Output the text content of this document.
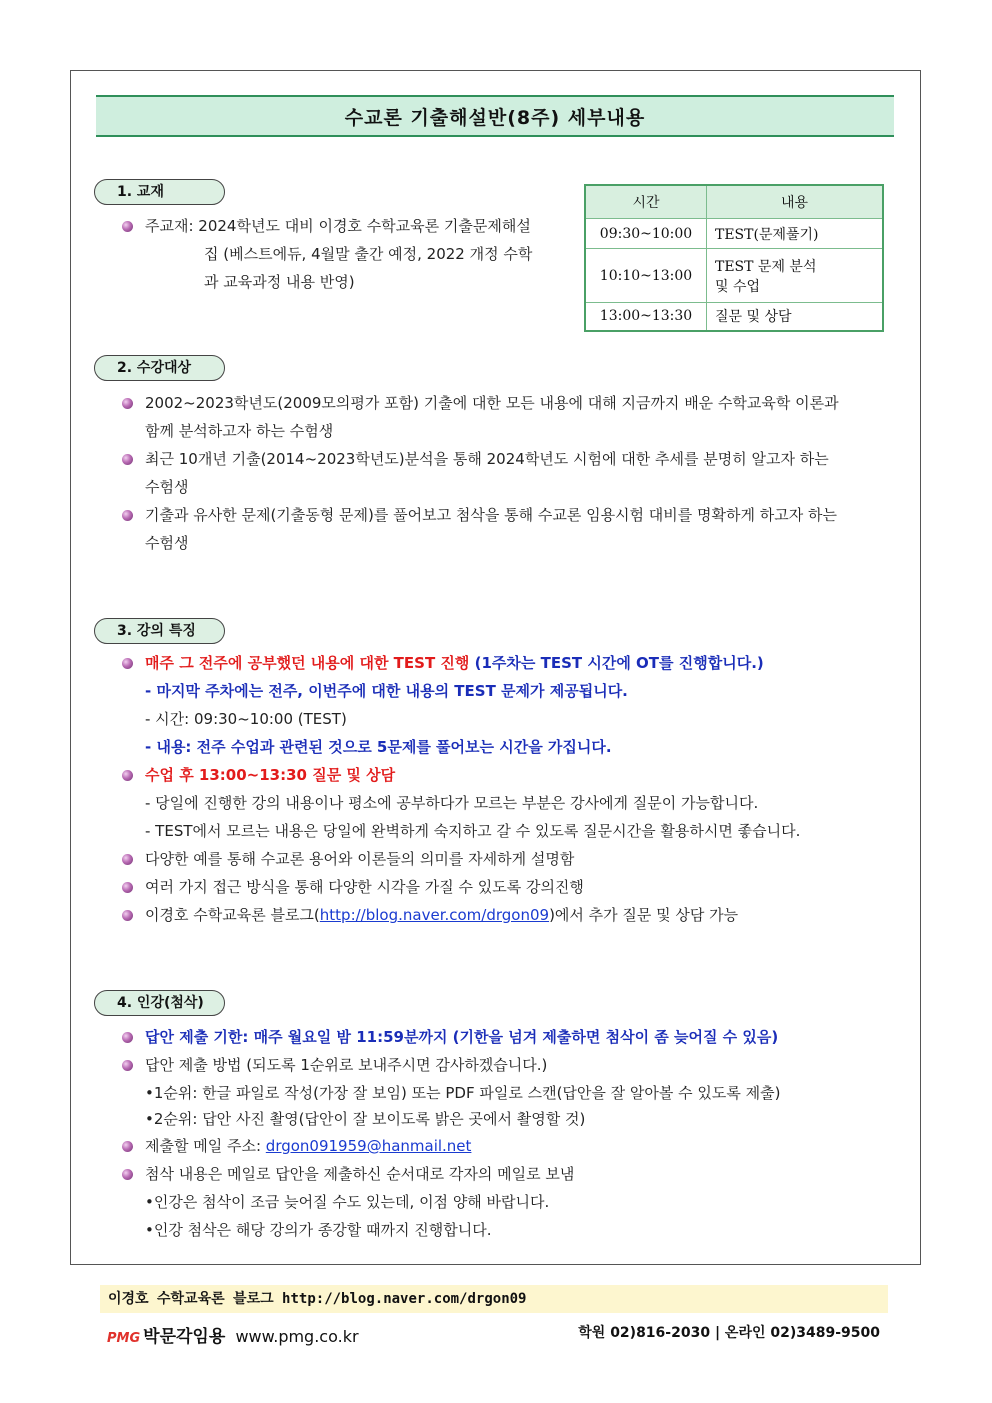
수교론 기출해설반(8주) 세부내용
1. 교재
주교재: 2024학년도 대비 이경호 수학교육론 기출문제해설
집 (베스트에듀, 4월말 출간 예정, 2022 개정 수학
과 교육과정 내용 반영)
시간	내용
09:30~10:00	TEST(문제풀기)
10:10~13:00	TEST 문제 분석
및 수업

13:00~13:30	질문 및 상담
2. 수강대상
2002~2023학년도(2009모의평가 포함) 기출에 대한 모든 내용에 대해 지금까지 배운 수학교육학 이론과
함께 분석하고자 하는 수험생
최근 10개년 기출(2014~2023학년도)분석을 통해 2024학년도 시험에 대한 추세를 분명히 알고자 하는
수험생
기출과 유사한 문제(기출동형 문제)를 풀어보고 첨삭을 통해 수교론 임용시험 대비를 명확하게 하고자 하는
수험생
3. 강의 특징
매주 그 전주에 공부했던 내용에 대한 TEST 진행 (1주차는 TEST 시간에 OT를 진행합니다.)
- 마지막 주차에는 전주, 이번주에 대한 내용의 TEST 문제가 제공됩니다.
- 시간: 09:30~10:00 (TEST)
- 내용: 전주 수업과 관련된 것으로 5문제를 풀어보는 시간을 가집니다.
수업 후 13:00~13:30 질문 및 상담
- 당일에 진행한 강의 내용이나 평소에 공부하다가 모르는 부분은 강사에게 질문이 가능합니다.
- TEST에서 모르는 내용은 당일에 완벽하게 숙지하고 갈 수 있도록 질문시간을 활용하시면 좋습니다.
다양한 예를 통해 수교론 용어와 이론들의 의미를 자세하게 설명함
여러 가지 접근 방식을 통해 다양한 시각을 가질 수 있도록 강의진행
이경호 수학교육론 블로그(http://blog.naver.com/drgon09)에서 추가 질문 및 상담 가능
4. 인강(첨삭)
답안 제출 기한: 매주 월요일 밤 11:59분까지 (기한을 넘겨 제출하면 첨삭이 좀 늦어질 수 있음)
답안 제출 방법 (되도록 1순위로 보내주시면 감사하겠습니다.)
•1순위: 한글 파일로 작성(가장 잘 보임) 또는 PDF 파일로 스캔(답안을 잘 알아볼 수 있도록 제출)
•2순위: 답안 사진 촬영(답안이 잘 보이도록 밝은 곳에서 촬영할 것)
제출할 메일 주소: drgon091959@hanmail.net
첨삭 내용은 메일로 답안을 제출하신 순서대로 각자의 메일로 보냄
•인강은 첨삭이 조금 늦어질 수도 있는데, 이점 양해 바랍니다.
•인강 첨삭은 해당 강의가 종강할 때까지 진행합니다.
이경호 수학교육론 블로그 http://blog.naver.com/drgon09
PMG 박문각임용 www.pmg.co.kr	학원 02)816-2030 | 온라인 02)3489-9500
